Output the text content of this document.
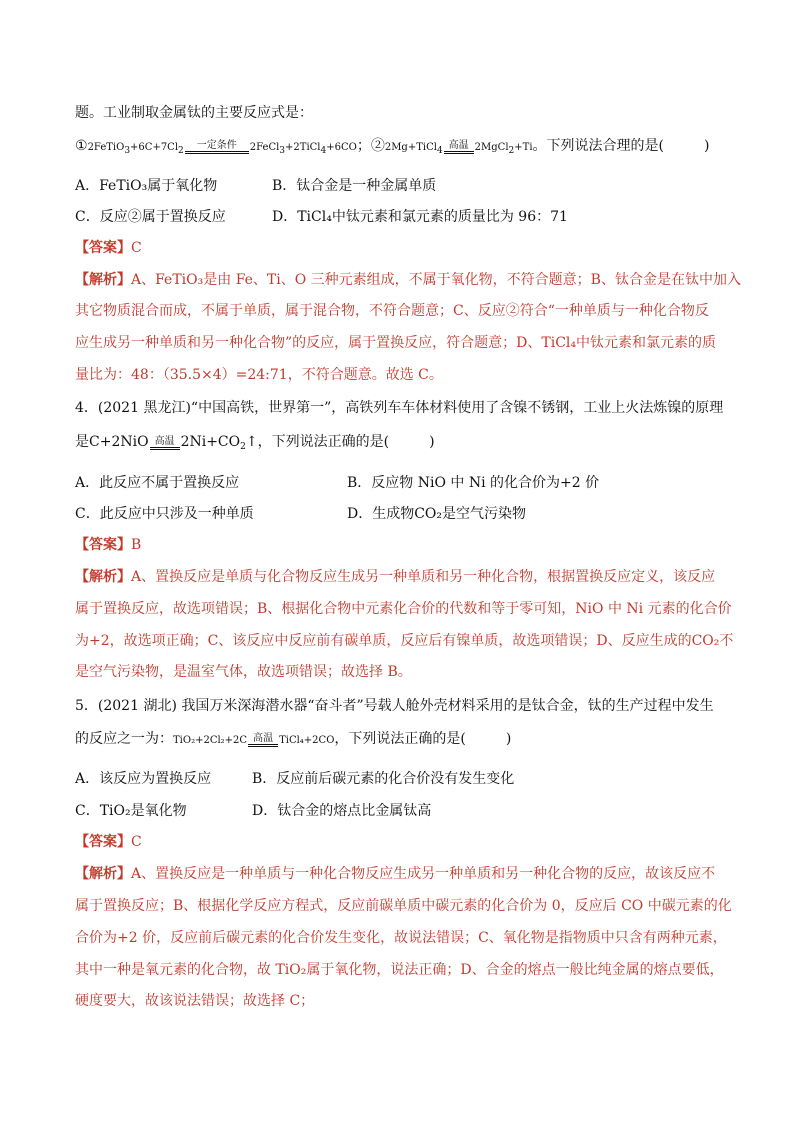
题。工业制取金属钛的主要反应式是：
①2FeTiO3+6C+7Cl2	一定条件	2FeCl3+2TiCl4+6CO；②2Mg+TiCl4 高温 2MgCl2+Ti。下列说法合理的是(	)
A．FeTiO₃属于氧化物	B．钛合金是一种金属单质
C．反应②属于置换反应	D．TiCl₄中钛元素和氯元素的质量比为 96：71
【答案】C
【解析】A、FeTiO₃是由 Fe、Ti、O 三种元素组成，不属于氧化物，不符合题意；B、钛合金是在钛中加入
其它物质混合而成，不属于单质，属于混合物，不符合题意；C、反应②符合“一种单质与一种化合物反
应生成另一种单质和另一种化合物”的反应，属于置换反应，符合题意；D、TiCl₄中钛元素和氯元素的质
量比为：48：（35.5×4）=24:71，不符合题意。故选 C。
4．(2021 黑龙江)“中国高铁，世界第一”，高铁列车车体材料使用了含镍不锈钢，工业上火法炼镍的原理
是C+2NiO 高温 $2Ni+CO_2↑$，下列说法正确的是(	)
A．此反应不属于置换反应	B．反应物 NiO 中 Ni 的化合价为+2 价
C．此反应中只涉及一种单质	D．生成物CO₂是空气污染物
【答案】B
【解析】A、置换反应是单质与化合物反应生成另一种单质和另一种化合物，根据置换反应定义，该反应
属于置换反应，故选项错误；B、根据化合物中元素化合价的代数和等于零可知，NiO 中 Ni 元素的化合价
为+2，故选项正确；C、该反应中反应前有碳单质，反应后有镍单质，故选项错误；D、反应生成的CO₂不
是空气污染物，是温室气体，故选项错误；故选择 B。
5．(2021 湖北) 我国万米深海潜水器“奋斗者”号载人舱外壳材料采用的是钛合金，钛的生产过程中发生
的反应之一为：TiO₂+2Cl₂+2C 高温 TiCl₄+2CO，下列说法正确的是(	)
A．该反应为置换反应	B．反应前后碳元素的化合价没有发生变化
C．TiO₂是氧化物	D．钛合金的熔点比金属钛高
【答案】C
【解析】A、置换反应是一种单质与一种化合物反应生成另一种单质和另一种化合物的反应，故该反应不
属于置换反应；B、根据化学反应方程式，反应前碳单质中碳元素的化合价为 0，反应后 CO 中碳元素的化
合价为+2 价，反应前后碳元素的化合价发生变化，故说法错误；C、氧化物是指物质中只含有两种元素，
其中一种是氧元素的化合物，故 TiO₂属于氧化物，说法正确；D、合金的熔点一般比纯金属的熔点要低，
硬度要大，故该说法错误；故选择 C；
